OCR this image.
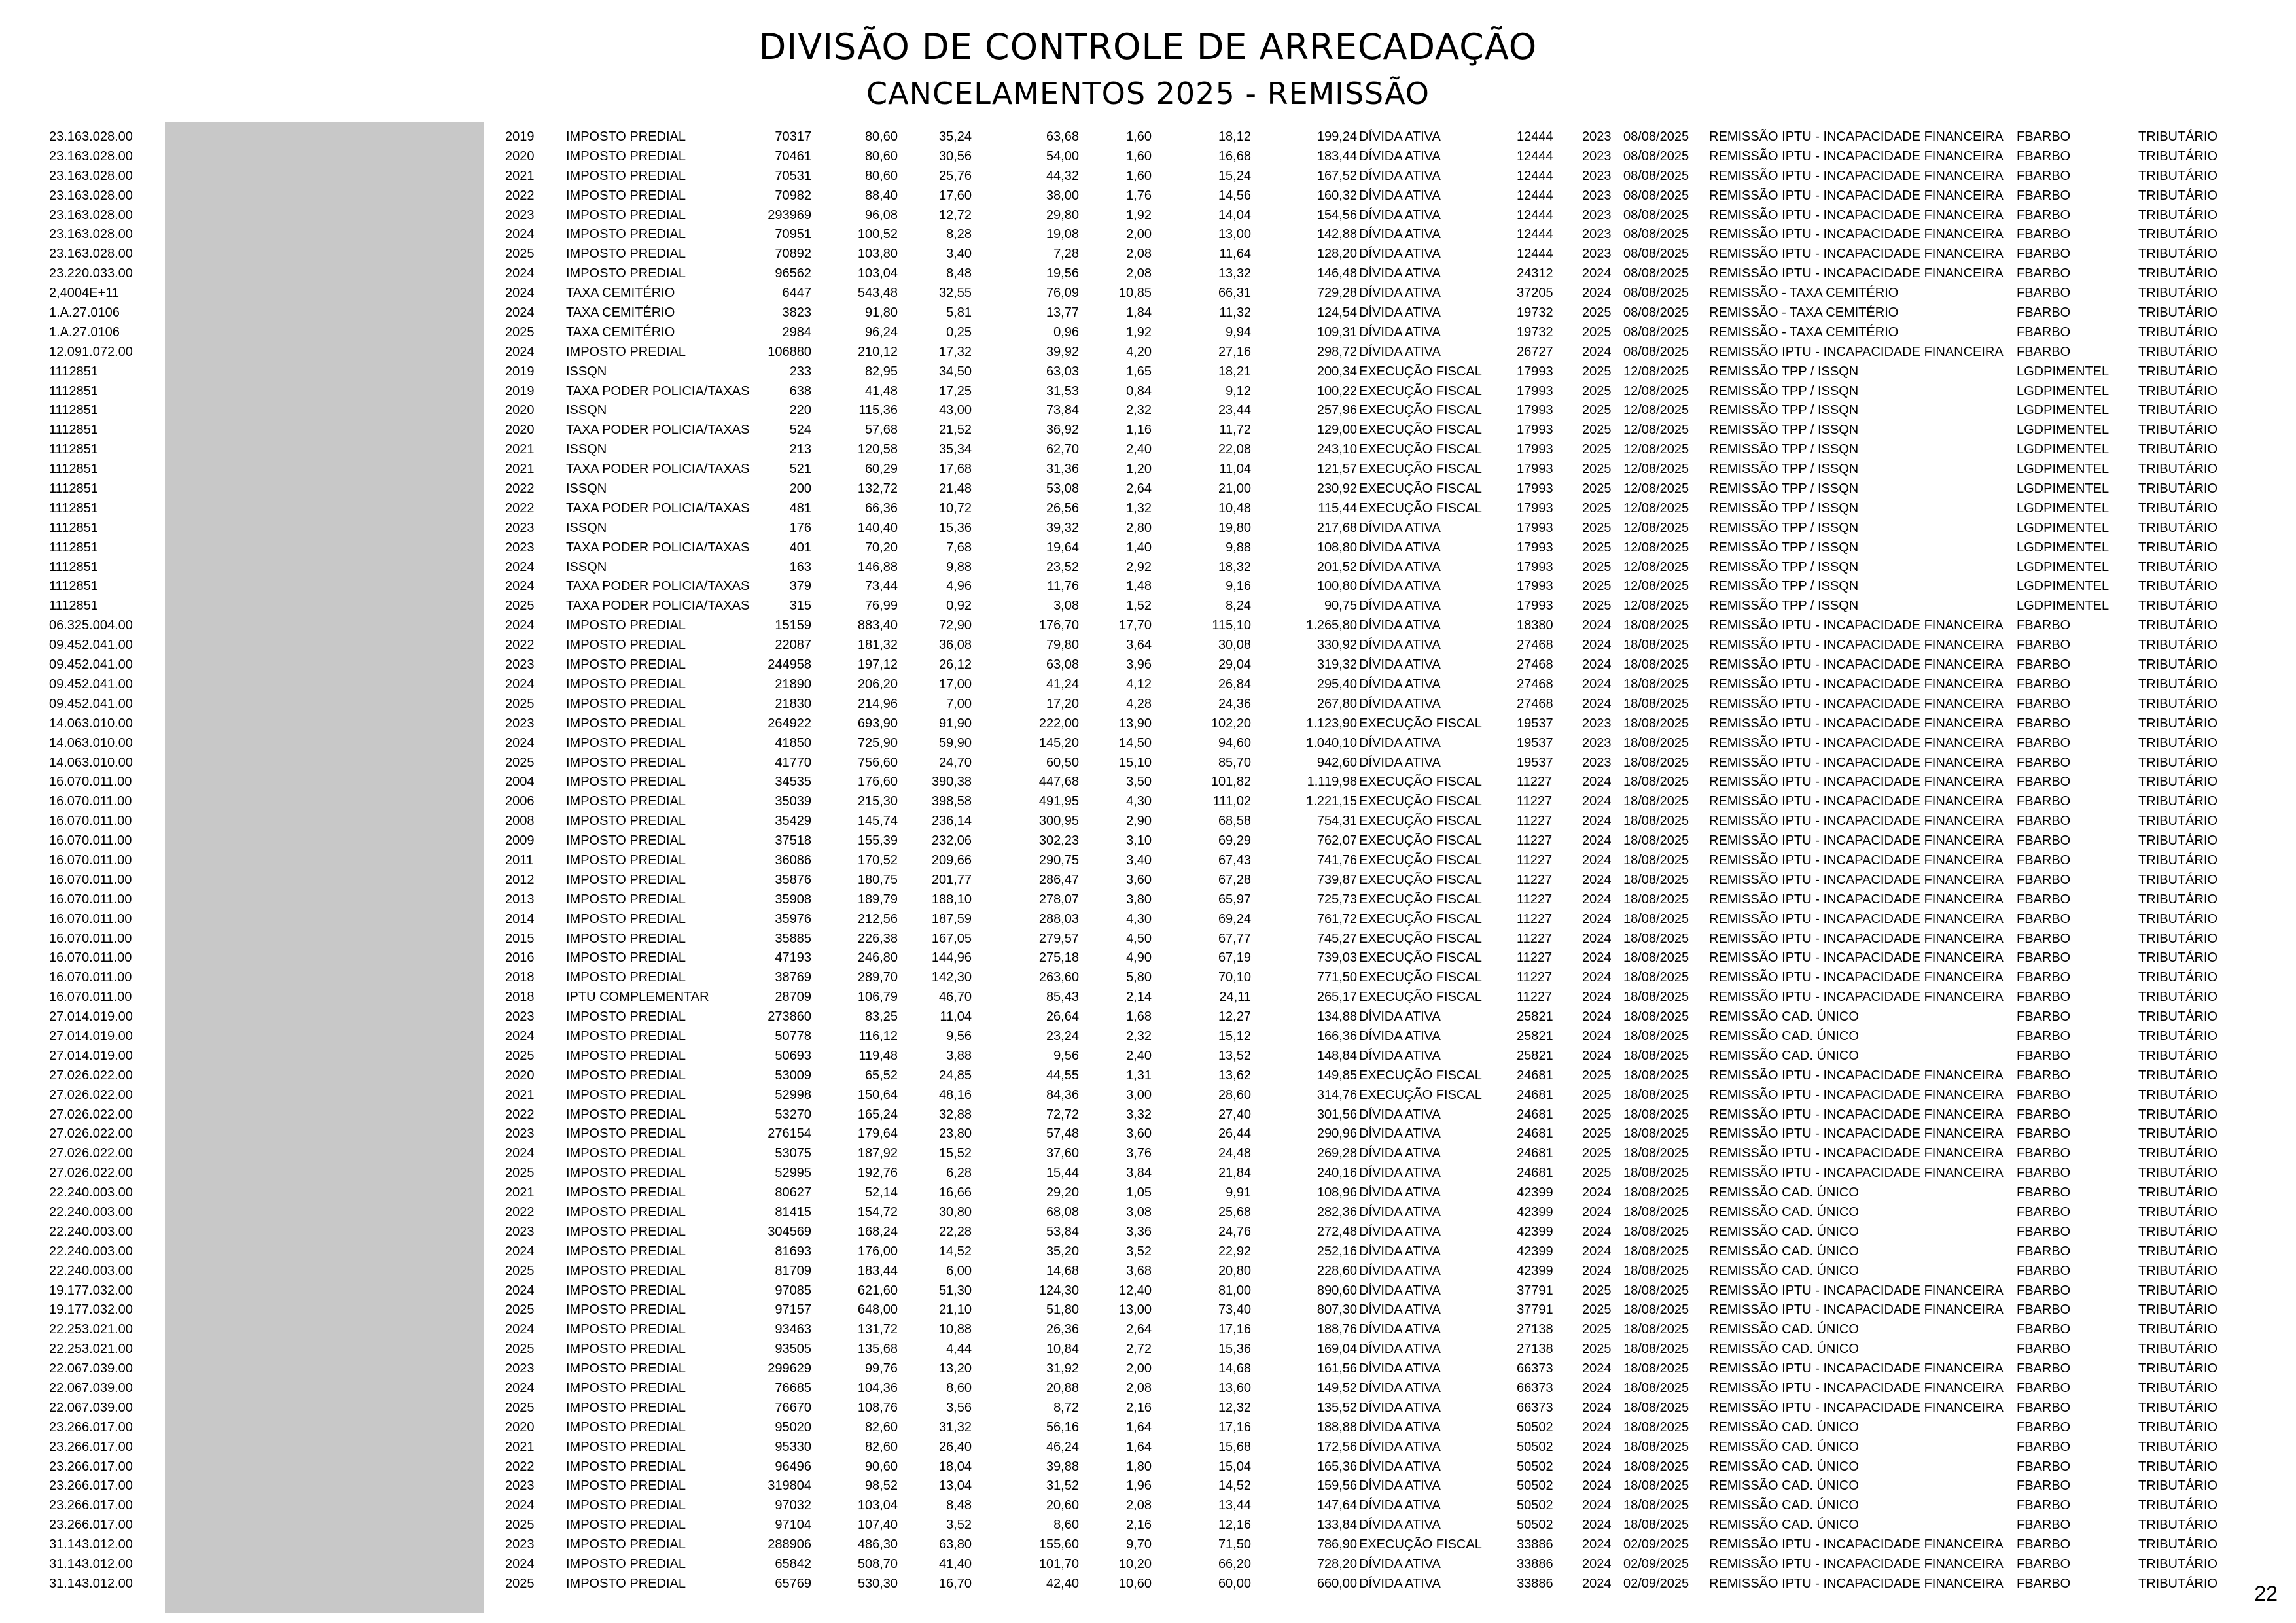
DIVISÃO DE CONTROLE DE ARRECADAÇÃO
CANCELAMENTOS 2025 - REMISSÃO
23.163.028.00	2019 IMPOSTO PREDIAL	70317	80,60	35,24	63,68	1,60	18,12	199,24 DÍVIDA ATIVA	12444 2023 08/08/2025 REMISSÃO IPTU - INCAPACIDADE FINANCEIRA FBARBO	TRIBUTÁRIO
23.163.028.00	2020 IMPOSTO PREDIAL	70461	80,60	30,56	54,00	1,60	16,68	183,44 DÍVIDA ATIVA	12444 2023 08/08/2025 REMISSÃO IPTU - INCAPACIDADE FINANCEIRA FBARBO	TRIBUTÁRIO
23.163.028.00	2021 IMPOSTO PREDIAL	70531	80,60	25,76	44,32	1,60	15,24	167,52 DÍVIDA ATIVA	12444 2023 08/08/2025 REMISSÃO IPTU - INCAPACIDADE FINANCEIRA FBARBO	TRIBUTÁRIO
23.163.028.00	2022 IMPOSTO PREDIAL	70982	88,40	17,60	38,00	1,76	14,56	160,32 DÍVIDA ATIVA	12444 2023 08/08/2025 REMISSÃO IPTU - INCAPACIDADE FINANCEIRA FBARBO	TRIBUTÁRIO
23.163.028.00	2023 IMPOSTO PREDIAL	293969	96,08	12,72	29,80	1,92	14,04	154,56 DÍVIDA ATIVA	12444 2023 08/08/2025 REMISSÃO IPTU - INCAPACIDADE FINANCEIRA FBARBO	TRIBUTÁRIO
23.163.028.00	2024 IMPOSTO PREDIAL	70951	100,52	8,28	19,08	2,00	13,00	142,88 DÍVIDA ATIVA	12444 2023 08/08/2025 REMISSÃO IPTU - INCAPACIDADE FINANCEIRA FBARBO	TRIBUTÁRIO
23.163.028.00	2025 IMPOSTO PREDIAL	70892	103,80	3,40	7,28	2,08	11,64	128,20 DÍVIDA ATIVA	12444 2023 08/08/2025 REMISSÃO IPTU - INCAPACIDADE FINANCEIRA FBARBO	TRIBUTÁRIO
23.220.033.00	2024 IMPOSTO PREDIAL	96562	103,04	8,48	19,56	2,08	13,32	146,48 DÍVIDA ATIVA	24312 2024 08/08/2025 REMISSÃO IPTU - INCAPACIDADE FINANCEIRA FBARBO	TRIBUTÁRIO
2,4004E+11	2024 TAXA CEMITÉRIO	6447	543,48	32,55	76,09	10,85	66,31	729,28 DÍVIDA ATIVA	37205 2024 08/08/2025 REMISSÃO - TAXA CEMITÉRIO	FBARBO	TRIBUTÁRIO
1.A.27.0106	2024 TAXA CEMITÉRIO	3823	91,80	5,81	13,77	1,84	11,32	124,54 DÍVIDA ATIVA	19732 2025 08/08/2025 REMISSÃO - TAXA CEMITÉRIO	FBARBO	TRIBUTÁRIO
1.A.27.0106	2025 TAXA CEMITÉRIO	2984	96,24	0,25	0,96	1,92	9,94	109,31 DÍVIDA ATIVA	19732 2025 08/08/2025 REMISSÃO - TAXA CEMITÉRIO	FBARBO	TRIBUTÁRIO
12.091.072.00	2024 IMPOSTO PREDIAL	106880	210,12	17,32	39,92	4,20	27,16	298,72 DÍVIDA ATIVA	26727 2024 08/08/2025 REMISSÃO IPTU - INCAPACIDADE FINANCEIRA FBARBO	TRIBUTÁRIO
1112851	2019 ISSQN	233	82,95	34,50	63,03	1,65	18,21	200,34 EXECUÇÃO FISCAL	17993 2025 12/08/2025 REMISSÃO TPP / ISSQN	LGDPIMENTEL TRIBUTÁRIO
1112851	2019 TAXA PODER POLICIA/TAXAS	638	41,48	17,25	31,53	0,84	9,12	100,22 EXECUÇÃO FISCAL	17993 2025 12/08/2025 REMISSÃO TPP / ISSQN	LGDPIMENTEL TRIBUTÁRIO
1112851	2020 ISSQN	220	115,36	43,00	73,84	2,32	23,44	257,96 EXECUÇÃO FISCAL	17993 2025 12/08/2025 REMISSÃO TPP / ISSQN	LGDPIMENTEL TRIBUTÁRIO
1112851	2020 TAXA PODER POLICIA/TAXAS	524	57,68	21,52	36,92	1,16	11,72	129,00 EXECUÇÃO FISCAL	17993 2025 12/08/2025 REMISSÃO TPP / ISSQN	LGDPIMENTEL TRIBUTÁRIO
1112851	2021 ISSQN	213	120,58	35,34	62,70	2,40	22,08	243,10 EXECUÇÃO FISCAL	17993 2025 12/08/2025 REMISSÃO TPP / ISSQN	LGDPIMENTEL TRIBUTÁRIO
1112851	2021 TAXA PODER POLICIA/TAXAS	521	60,29	17,68	31,36	1,20	11,04	121,57 EXECUÇÃO FISCAL	17993 2025 12/08/2025 REMISSÃO TPP / ISSQN	LGDPIMENTEL TRIBUTÁRIO
1112851	2022 ISSQN	200	132,72	21,48	53,08	2,64	21,00	230,92 EXECUÇÃO FISCAL	17993 2025 12/08/2025 REMISSÃO TPP / ISSQN	LGDPIMENTEL TRIBUTÁRIO
1112851	2022 TAXA PODER POLICIA/TAXAS	481	66,36	10,72	26,56	1,32	10,48	115,44 EXECUÇÃO FISCAL	17993 2025 12/08/2025 REMISSÃO TPP / ISSQN	LGDPIMENTEL TRIBUTÁRIO
1112851	2023 ISSQN	176	140,40	15,36	39,32	2,80	19,80	217,68 DÍVIDA ATIVA	17993 2025 12/08/2025 REMISSÃO TPP / ISSQN	LGDPIMENTEL TRIBUTÁRIO
1112851	2023 TAXA PODER POLICIA/TAXAS	401	70,20	7,68	19,64	1,40	9,88	108,80 DÍVIDA ATIVA	17993 2025 12/08/2025 REMISSÃO TPP / ISSQN	LGDPIMENTEL TRIBUTÁRIO
1112851	2024 ISSQN	163	146,88	9,88	23,52	2,92	18,32	201,52 DÍVIDA ATIVA	17993 2025 12/08/2025 REMISSÃO TPP / ISSQN	LGDPIMENTEL TRIBUTÁRIO
1112851	2024 TAXA PODER POLICIA/TAXAS	379	73,44	4,96	11,76	1,48	9,16	100,80 DÍVIDA ATIVA	17993 2025 12/08/2025 REMISSÃO TPP / ISSQN	LGDPIMENTEL TRIBUTÁRIO
1112851	2025 TAXA PODER POLICIA/TAXAS	315	76,99	0,92	3,08	1,52	8,24	90,75 DÍVIDA ATIVA	17993 2025 12/08/2025 REMISSÃO TPP / ISSQN	LGDPIMENTEL TRIBUTÁRIO
06.325.004.00	2024 IMPOSTO PREDIAL	15159	883,40	72,90	176,70	17,70	115,10	1.265,80 DÍVIDA ATIVA	18380 2024 18/08/2025 REMISSÃO IPTU - INCAPACIDADE FINANCEIRA FBARBO	TRIBUTÁRIO
09.452.041.00	2022 IMPOSTO PREDIAL	22087	181,32	36,08	79,80	3,64	30,08	330,92 DÍVIDA ATIVA	27468 2024 18/08/2025 REMISSÃO IPTU - INCAPACIDADE FINANCEIRA FBARBO	TRIBUTÁRIO
09.452.041.00	2023 IMPOSTO PREDIAL	244958	197,12	26,12	63,08	3,96	29,04	319,32 DÍVIDA ATIVA	27468 2024 18/08/2025 REMISSÃO IPTU - INCAPACIDADE FINANCEIRA FBARBO	TRIBUTÁRIO
09.452.041.00	2024 IMPOSTO PREDIAL	21890	206,20	17,00	41,24	4,12	26,84	295,40 DÍVIDA ATIVA	27468 2024 18/08/2025 REMISSÃO IPTU - INCAPACIDADE FINANCEIRA FBARBO	TRIBUTÁRIO
09.452.041.00	2025 IMPOSTO PREDIAL	21830	214,96	7,00	17,20	4,28	24,36	267,80 DÍVIDA ATIVA	27468 2024 18/08/2025 REMISSÃO IPTU - INCAPACIDADE FINANCEIRA FBARBO	TRIBUTÁRIO
14.063.010.00	2023 IMPOSTO PREDIAL	264922	693,90	91,90	222,00	13,90	102,20	1.123,90 EXECUÇÃO FISCAL	19537 2023 18/08/2025 REMISSÃO IPTU - INCAPACIDADE FINANCEIRA FBARBO	TRIBUTÁRIO
14.063.010.00	2024 IMPOSTO PREDIAL	41850	725,90	59,90	145,20	14,50	94,60	1.040,10 DÍVIDA ATIVA	19537 2023 18/08/2025 REMISSÃO IPTU - INCAPACIDADE FINANCEIRA FBARBO	TRIBUTÁRIO
14.063.010.00	2025 IMPOSTO PREDIAL	41770	756,60	24,70	60,50	15,10	85,70	942,60 DÍVIDA ATIVA	19537 2023 18/08/2025 REMISSÃO IPTU - INCAPACIDADE FINANCEIRA FBARBO	TRIBUTÁRIO
16.070.011.00	2004 IMPOSTO PREDIAL	34535	176,60	390,38	447,68	3,50	101,82	1.119,98 EXECUÇÃO FISCAL	11227 2024 18/08/2025 REMISSÃO IPTU - INCAPACIDADE FINANCEIRA FBARBO	TRIBUTÁRIO
16.070.011.00	2006 IMPOSTO PREDIAL	35039	215,30	398,58	491,95	4,30	111,02	1.221,15 EXECUÇÃO FISCAL	11227 2024 18/08/2025 REMISSÃO IPTU - INCAPACIDADE FINANCEIRA FBARBO	TRIBUTÁRIO
16.070.011.00	2008 IMPOSTO PREDIAL	35429	145,74	236,14	300,95	2,90	68,58	754,31 EXECUÇÃO FISCAL	11227 2024 18/08/2025 REMISSÃO IPTU - INCAPACIDADE FINANCEIRA FBARBO	TRIBUTÁRIO
16.070.011.00	2009 IMPOSTO PREDIAL	37518	155,39	232,06	302,23	3,10	69,29	762,07 EXECUÇÃO FISCAL	11227 2024 18/08/2025 REMISSÃO IPTU - INCAPACIDADE FINANCEIRA FBARBO	TRIBUTÁRIO
16.070.011.00	2011 IMPOSTO PREDIAL	36086	170,52	209,66	290,75	3,40	67,43	741,76 EXECUÇÃO FISCAL	11227 2024 18/08/2025 REMISSÃO IPTU - INCAPACIDADE FINANCEIRA FBARBO	TRIBUTÁRIO
16.070.011.00	2012 IMPOSTO PREDIAL	35876	180,75	201,77	286,47	3,60	67,28	739,87 EXECUÇÃO FISCAL	11227 2024 18/08/2025 REMISSÃO IPTU - INCAPACIDADE FINANCEIRA FBARBO	TRIBUTÁRIO
16.070.011.00	2013 IMPOSTO PREDIAL	35908	189,79	188,10	278,07	3,80	65,97	725,73 EXECUÇÃO FISCAL	11227 2024 18/08/2025 REMISSÃO IPTU - INCAPACIDADE FINANCEIRA FBARBO	TRIBUTÁRIO
16.070.011.00	2014 IMPOSTO PREDIAL	35976	212,56	187,59	288,03	4,30	69,24	761,72 EXECUÇÃO FISCAL	11227 2024 18/08/2025 REMISSÃO IPTU - INCAPACIDADE FINANCEIRA FBARBO	TRIBUTÁRIO
16.070.011.00	2015 IMPOSTO PREDIAL	35885	226,38	167,05	279,57	4,50	67,77	745,27 EXECUÇÃO FISCAL	11227 2024 18/08/2025 REMISSÃO IPTU - INCAPACIDADE FINANCEIRA FBARBO	TRIBUTÁRIO
16.070.011.00	2016 IMPOSTO PREDIAL	47193	246,80	144,96	275,18	4,90	67,19	739,03 EXECUÇÃO FISCAL	11227 2024 18/08/2025 REMISSÃO IPTU - INCAPACIDADE FINANCEIRA FBARBO	TRIBUTÁRIO
16.070.011.00	2018 IMPOSTO PREDIAL	38769	289,70	142,30	263,60	5,80	70,10	771,50 EXECUÇÃO FISCAL	11227 2024 18/08/2025 REMISSÃO IPTU - INCAPACIDADE FINANCEIRA FBARBO	TRIBUTÁRIO
16.070.011.00	2018 IPTU COMPLEMENTAR	28709	106,79	46,70	85,43	2,14	24,11	265,17 EXECUÇÃO FISCAL	11227 2024 18/08/2025 REMISSÃO IPTU - INCAPACIDADE FINANCEIRA FBARBO	TRIBUTÁRIO
27.014.019.00	2023 IMPOSTO PREDIAL	273860	83,25	11,04	26,64	1,68	12,27	134,88 DÍVIDA ATIVA	25821 2024 18/08/2025 REMISSÃO CAD. ÚNICO	FBARBO	TRIBUTÁRIO
27.014.019.00	2024 IMPOSTO PREDIAL	50778	116,12	9,56	23,24	2,32	15,12	166,36 DÍVIDA ATIVA	25821 2024 18/08/2025 REMISSÃO CAD. ÚNICO	FBARBO	TRIBUTÁRIO
27.014.019.00	2025 IMPOSTO PREDIAL	50693	119,48	3,88	9,56	2,40	13,52	148,84 DÍVIDA ATIVA	25821 2024 18/08/2025 REMISSÃO CAD. ÚNICO	FBARBO	TRIBUTÁRIO
27.026.022.00	2020 IMPOSTO PREDIAL	53009	65,52	24,85	44,55	1,31	13,62	149,85 EXECUÇÃO FISCAL	24681 2025 18/08/2025 REMISSÃO IPTU - INCAPACIDADE FINANCEIRA FBARBO	TRIBUTÁRIO
27.026.022.00	2021 IMPOSTO PREDIAL	52998	150,64	48,16	84,36	3,00	28,60	314,76 EXECUÇÃO FISCAL	24681 2025 18/08/2025 REMISSÃO IPTU - INCAPACIDADE FINANCEIRA FBARBO	TRIBUTÁRIO
27.026.022.00	2022 IMPOSTO PREDIAL	53270	165,24	32,88	72,72	3,32	27,40	301,56 DÍVIDA ATIVA	24681 2025 18/08/2025 REMISSÃO IPTU - INCAPACIDADE FINANCEIRA FBARBO	TRIBUTÁRIO
27.026.022.00	2023 IMPOSTO PREDIAL	276154	179,64	23,80	57,48	3,60	26,44	290,96 DÍVIDA ATIVA	24681 2025 18/08/2025 REMISSÃO IPTU - INCAPACIDADE FINANCEIRA FBARBO	TRIBUTÁRIO
27.026.022.00	2024 IMPOSTO PREDIAL	53075	187,92	15,52	37,60	3,76	24,48	269,28 DÍVIDA ATIVA	24681 2025 18/08/2025 REMISSÃO IPTU - INCAPACIDADE FINANCEIRA FBARBO	TRIBUTÁRIO
27.026.022.00	2025 IMPOSTO PREDIAL	52995	192,76	6,28	15,44	3,84	21,84	240,16 DÍVIDA ATIVA	24681 2025 18/08/2025 REMISSÃO IPTU - INCAPACIDADE FINANCEIRA FBARBO	TRIBUTÁRIO
22.240.003.00	2021 IMPOSTO PREDIAL	80627	52,14	16,66	29,20	1,05	9,91	108,96 DÍVIDA ATIVA	42399 2024 18/08/2025 REMISSÃO CAD. ÚNICO	FBARBO	TRIBUTÁRIO
22.240.003.00	2022 IMPOSTO PREDIAL	81415	154,72	30,80	68,08	3,08	25,68	282,36 DÍVIDA ATIVA	42399 2024 18/08/2025 REMISSÃO CAD. ÚNICO	FBARBO	TRIBUTÁRIO
22.240.003.00	2023 IMPOSTO PREDIAL	304569	168,24	22,28	53,84	3,36	24,76	272,48 DÍVIDA ATIVA	42399 2024 18/08/2025 REMISSÃO CAD. ÚNICO	FBARBO	TRIBUTÁRIO
22.240.003.00	2024 IMPOSTO PREDIAL	81693	176,00	14,52	35,20	3,52	22,92	252,16 DÍVIDA ATIVA	42399 2024 18/08/2025 REMISSÃO CAD. ÚNICO	FBARBO	TRIBUTÁRIO
22.240.003.00	2025 IMPOSTO PREDIAL	81709	183,44	6,00	14,68	3,68	20,80	228,60 DÍVIDA ATIVA	42399 2024 18/08/2025 REMISSÃO CAD. ÚNICO	FBARBO	TRIBUTÁRIO
19.177.032.00	2024 IMPOSTO PREDIAL	97085	621,60	51,30	124,30	12,40	81,00	890,60 DÍVIDA ATIVA	37791 2025 18/08/2025 REMISSÃO IPTU - INCAPACIDADE FINANCEIRA FBARBO	TRIBUTÁRIO
19.177.032.00	2025 IMPOSTO PREDIAL	97157	648,00	21,10	51,80	13,00	73,40	807,30 DÍVIDA ATIVA	37791 2025 18/08/2025 REMISSÃO IPTU - INCAPACIDADE FINANCEIRA FBARBO	TRIBUTÁRIO
22.253.021.00	2024 IMPOSTO PREDIAL	93463	131,72	10,88	26,36	2,64	17,16	188,76 DÍVIDA ATIVA	27138 2025 18/08/2025 REMISSÃO CAD. ÚNICO	FBARBO	TRIBUTÁRIO
22.253.021.00	2025 IMPOSTO PREDIAL	93505	135,68	4,44	10,84	2,72	15,36	169,04 DÍVIDA ATIVA	27138 2025 18/08/2025 REMISSÃO CAD. ÚNICO	FBARBO	TRIBUTÁRIO
22.067.039.00	2023 IMPOSTO PREDIAL	299629	99,76	13,20	31,92	2,00	14,68	161,56 DÍVIDA ATIVA	66373 2024 18/08/2025 REMISSÃO IPTU - INCAPACIDADE FINANCEIRA FBARBO	TRIBUTÁRIO
22.067.039.00	2024 IMPOSTO PREDIAL	76685	104,36	8,60	20,88	2,08	13,60	149,52 DÍVIDA ATIVA	66373 2024 18/08/2025 REMISSÃO IPTU - INCAPACIDADE FINANCEIRA FBARBO	TRIBUTÁRIO
22.067.039.00	2025 IMPOSTO PREDIAL	76670	108,76	3,56	8,72	2,16	12,32	135,52 DÍVIDA ATIVA	66373 2024 18/08/2025 REMISSÃO IPTU - INCAPACIDADE FINANCEIRA FBARBO	TRIBUTÁRIO
23.266.017.00	2020 IMPOSTO PREDIAL	95020	82,60	31,32	56,16	1,64	17,16	188,88 DÍVIDA ATIVA	50502 2024 18/08/2025 REMISSÃO CAD. ÚNICO	FBARBO	TRIBUTÁRIO
23.266.017.00	2021 IMPOSTO PREDIAL	95330	82,60	26,40	46,24	1,64	15,68	172,56 DÍVIDA ATIVA	50502 2024 18/08/2025 REMISSÃO CAD. ÚNICO	FBARBO	TRIBUTÁRIO
23.266.017.00	2022 IMPOSTO PREDIAL	96496	90,60	18,04	39,88	1,80	15,04	165,36 DÍVIDA ATIVA	50502 2024 18/08/2025 REMISSÃO CAD. ÚNICO	FBARBO	TRIBUTÁRIO
23.266.017.00	2023 IMPOSTO PREDIAL	319804	98,52	13,04	31,52	1,96	14,52	159,56 DÍVIDA ATIVA	50502 2024 18/08/2025 REMISSÃO CAD. ÚNICO	FBARBO	TRIBUTÁRIO
23.266.017.00	2024 IMPOSTO PREDIAL	97032	103,04	8,48	20,60	2,08	13,44	147,64 DÍVIDA ATIVA	50502 2024 18/08/2025 REMISSÃO CAD. ÚNICO	FBARBO	TRIBUTÁRIO
23.266.017.00	2025 IMPOSTO PREDIAL	97104	107,40	3,52	8,60	2,16	12,16	133,84 DÍVIDA ATIVA	50502 2024 18/08/2025 REMISSÃO CAD. ÚNICO	FBARBO	TRIBUTÁRIO
31.143.012.00	2023 IMPOSTO PREDIAL	288906	486,30	63,80	155,60	9,70	71,50	786,90 EXECUÇÃO FISCAL	33886 2024 02/09/2025 REMISSÃO IPTU - INCAPACIDADE FINANCEIRA FBARBO	TRIBUTÁRIO
31.143.012.00	2024 IMPOSTO PREDIAL	65842	508,70	41,40	101,70	10,20	66,20	728,20 DÍVIDA ATIVA	33886 2024 02/09/2025 REMISSÃO IPTU - INCAPACIDADE FINANCEIRA FBARBO	TRIBUTÁRIO
31.143.012.00	2025 IMPOSTO PREDIAL	65769	530,30	16,70	42,40	10,60	60,00	660,00 DÍVIDA ATIVA	33886 2024 02/09/2025 REMISSÃO IPTU - INCAPACIDADE FINANCEIRA FBARBO	TRIBUTÁRIO 22
